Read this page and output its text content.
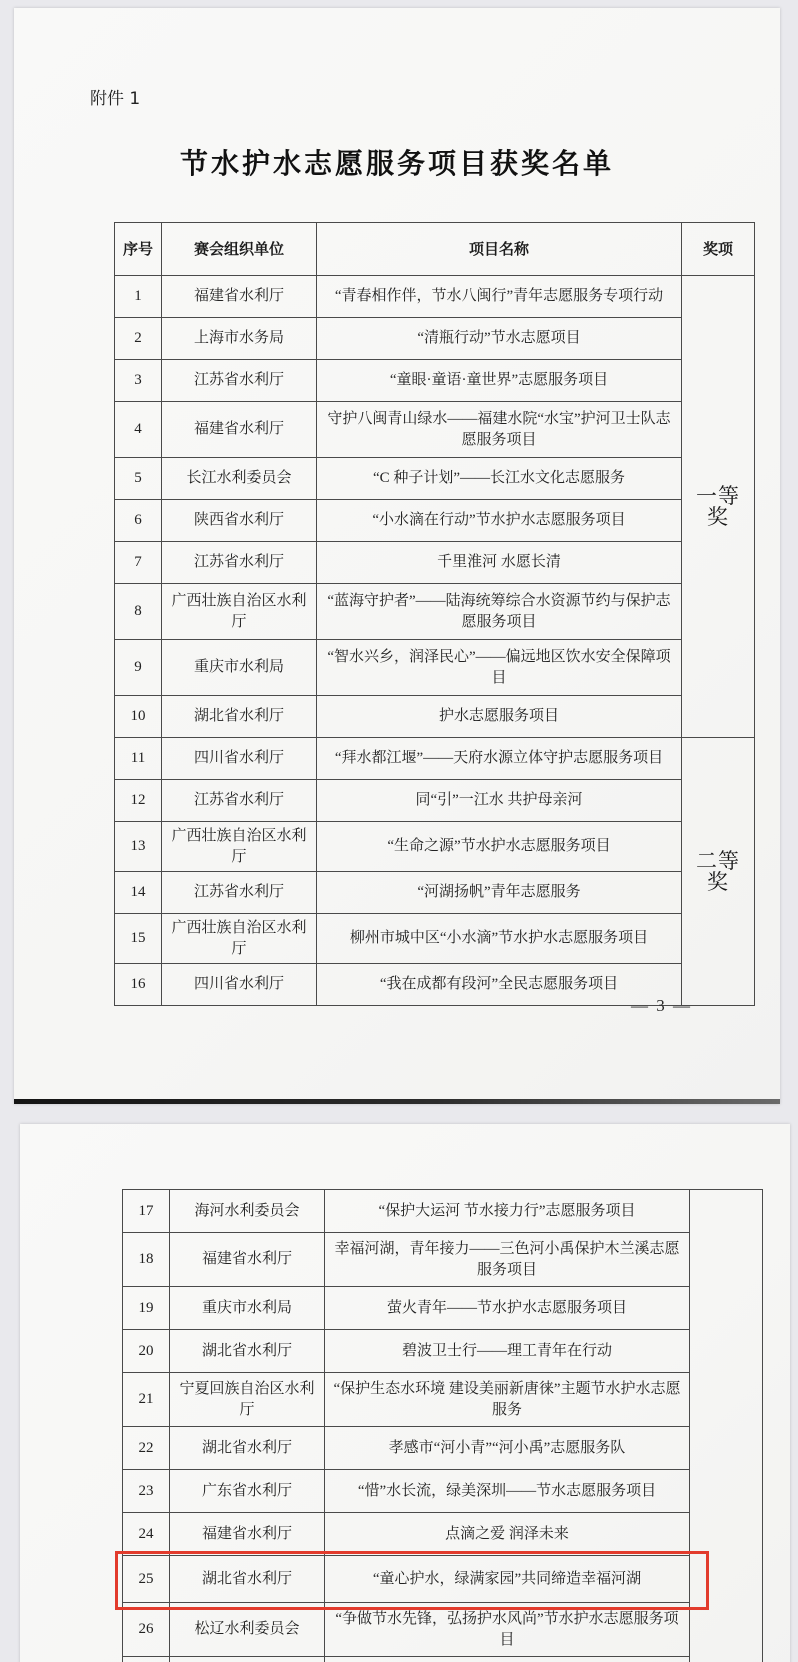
附件 1
节水护水志愿服务项目获奖名单
序号	赛会组织单位	项目名称	奖项
1	福建省水利厅	“青春相作伴，节水八闽行”青年志愿服务专项行动	一等奖
2	上海市水务局	“清瓶行动”节水志愿项目	
3	江苏省水利厅	“童眼·童语·童世界”志愿服务项目	
4	福建省水利厅	守护八闽青山绿水——福建水院“水宝”护河卫士队志愿服务项目	
5	长江水利委员会	“C 种子计划”——长江水文化志愿服务	
6	陕西省水利厅	“小水滴在行动”节水护水志愿服务项目	
7	江苏省水利厅	千里淮河 水愿长清	
8	广西壮族自治区水利厅	“蓝海守护者”——陆海统筹综合水资源节约与保护志愿服务项目	
9	重庆市水利局	“智水兴乡，润泽民心”——偏远地区饮水安全保障项目	
10	湖北省水利厅	护水志愿服务项目	
11	四川省水利厅	“拜水都江堰”——天府水源立体守护志愿服务项目	二等奖
12	江苏省水利厅	同“引”一江水 共护母亲河	
13	广西壮族自治区水利厅	“生命之源”节水护水志愿服务项目	
14	江苏省水利厅	“河湖扬帆”青年志愿服务	
15	广西壮族自治区水利厅	柳州市城中区“小水滴”节水护水志愿服务项目	
16	四川省水利厅	“我在成都有段河”全民志愿服务项目	
— 3 —
17	海河水利委员会	“保护大运河 节水接力行”志愿服务项目	
18	福建省水利厅	幸福河湖，青年接力——三色河小禹保护木兰溪志愿服务项目	
19	重庆市水利局	萤火青年——节水护水志愿服务项目	
20	湖北省水利厅	碧波卫士行——理工青年在行动	
21	宁夏回族自治区水利厅	“保护生态水环境 建设美丽新唐徕”主题节水护水志愿服务	
22	湖北省水利厅	孝感市“河小青”“河小禹”志愿服务队	
23	广东省水利厅	“惜”水长流，绿美深圳——节水志愿服务项目	
24	福建省水利厅	点滴之爱 润泽未来	
25	湖北省水利厅	“童心护水，绿满家园”共同缔造幸福河湖	
26	松辽水利委员会	“争做节水先锋，弘扬护水风尚”节水护水志愿服务项目	
